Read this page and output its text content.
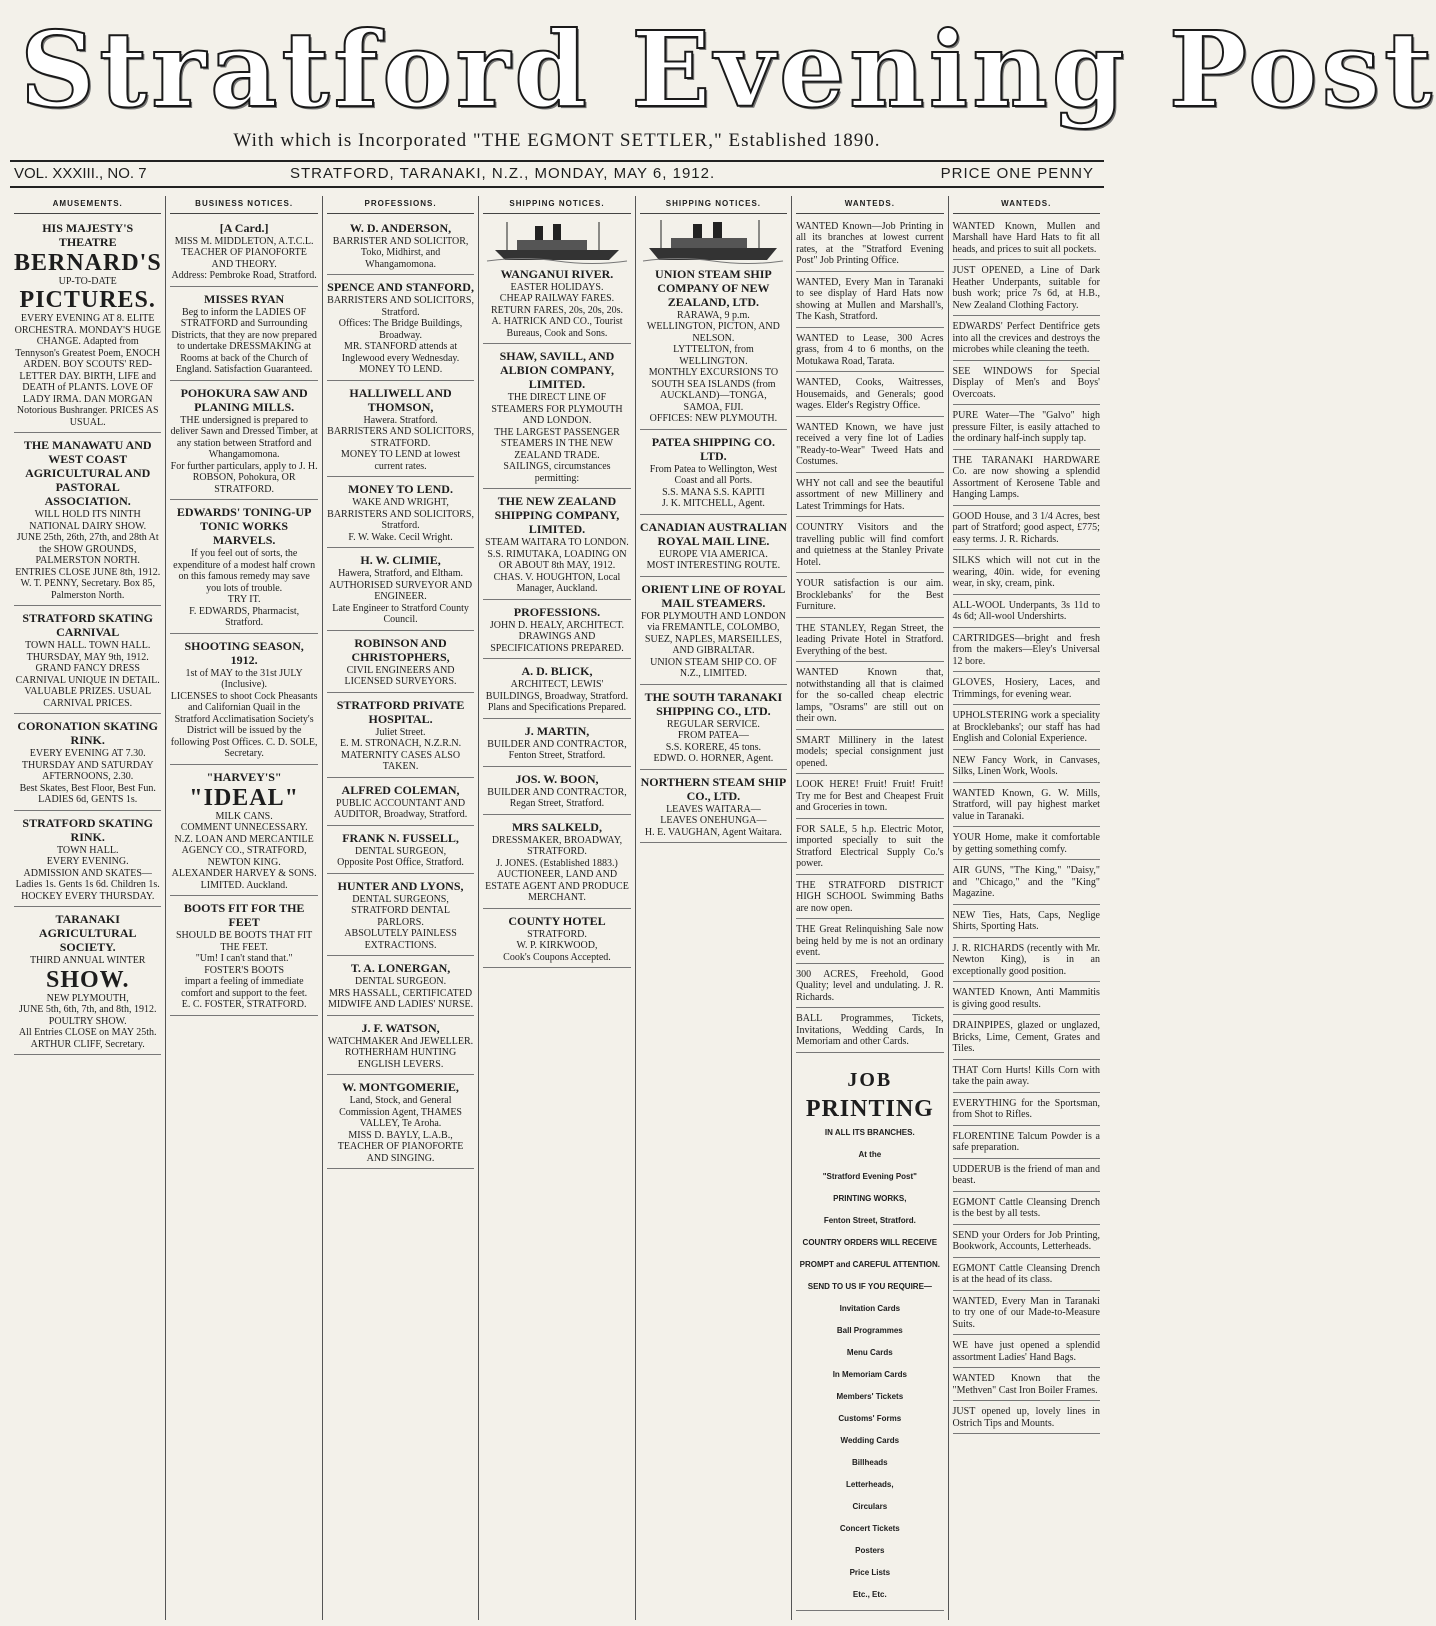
Stratford Evening Post
With which is Incorporated "THE EGMONT SETTLER," Established 1890.
VOL. XXXIII., NO. 7	STRATFORD, TARANAKI, N.Z., MONDAY, MAY 6, 1912.	PRICE ONE PENNY
AMUSEMENTS.
HIS MAJESTY'S THEATRE
BERNARD'S
UP-TO-DATE
PICTURES.
EVERY EVENING AT 8. ELITE ORCHESTRA. MONDAY'S HUGE CHANGE. Adapted from Tennyson's Greatest Poem, ENOCH ARDEN. BOY SCOUTS' RED-LETTER DAY. BIRTH, LIFE and DEATH of PLANTS. LOVE OF LADY IRMA. DAN MORGAN Notorious Bushranger. PRICES AS USUAL.
THE MANAWATU AND WEST COAST AGRICULTURAL AND PASTORAL ASSOCIATION.
WILL HOLD ITS NINTH NATIONAL DAIRY SHOW.
JUNE 25th, 26th, 27th, and 28th At the SHOW GROUNDS, PALMERSTON NORTH.
ENTRIES CLOSE JUNE 8th, 1912. W. T. PENNY, Secretary. Box 85, Palmerston North.
STRATFORD SKATING CARNIVAL
TOWN HALL. TOWN HALL.
THURSDAY, MAY 9th, 1912.
GRAND FANCY DRESS CARNIVAL UNIQUE IN DETAIL. VALUABLE PRIZES. USUAL CARNIVAL PRICES.
CORONATION SKATING RINK.
EVERY EVENING AT 7.30.
THURSDAY AND SATURDAY AFTERNOONS, 2.30.
Best Skates, Best Floor, Best Fun. LADIES 6d, GENTS 1s.
STRATFORD SKATING RINK.
TOWN HALL.
EVERY EVENING.
ADMISSION AND SKATES— Ladies 1s. Gents 1s 6d. Children 1s.
HOCKEY EVERY THURSDAY.
TARANAKI AGRICULTURAL SOCIETY.
THIRD ANNUAL WINTER
SHOW.
NEW PLYMOUTH,
JUNE 5th, 6th, 7th, and 8th, 1912.
POULTRY SHOW.
All Entries CLOSE on MAY 25th. ARTHUR CLIFF, Secretary.
BUSINESS NOTICES.
[A Card.]
MISS M. MIDDLETON, A.T.C.L.
TEACHER OF PIANOFORTE AND THEORY.
Address: Pembroke Road, Stratford.
MISSES RYAN
Beg to inform the LADIES OF STRATFORD and Surrounding Districts, that they are now prepared to undertake DRESSMAKING at Rooms at back of the Church of England. Satisfaction Guaranteed.
POHOKURA SAW AND PLANING MILLS.
THE undersigned is prepared to deliver Sawn and Dressed Timber, at any station between Stratford and Whangamomona.
For further particulars, apply to J. H. ROBSON, Pohokura, OR STRATFORD.
EDWARDS' TONING-UP TONIC WORKS MARVELS.
If you feel out of sorts, the expenditure of a modest half crown on this famous remedy may save you lots of trouble.
TRY IT.
F. EDWARDS, Pharmacist, Stratford.
SHOOTING SEASON, 1912.
1st of MAY to the 31st JULY (Inclusive).
LICENSES to shoot Cock Pheasants and Californian Quail in the Stratford Acclimatisation Society's District will be issued by the following Post Offices. C. D. SOLE, Secretary.
"HARVEY'S"
"IDEAL"
MILK CANS.
COMMENT UNNECESSARY.
N.Z. LOAN AND MERCANTILE AGENCY CO., STRATFORD, NEWTON KING.
ALEXANDER HARVEY & SONS. LIMITED. Auckland.
BOOTS FIT FOR THE FEET
SHOULD BE BOOTS THAT FIT THE FEET.
"Um! I can't stand that."
FOSTER'S BOOTS
impart a feeling of immediate comfort and support to the feet.
E. C. FOSTER, STRATFORD.
PROFESSIONS.
W. D. ANDERSON,
BARRISTER AND SOLICITOR,
Toko, Midhirst, and Whangamomona.
SPENCE AND STANFORD,
BARRISTERS AND SOLICITORS, Stratford.
Offices: The Bridge Buildings, Broadway.
MR. STANFORD attends at Inglewood every Wednesday.
MONEY TO LEND.
HALLIWELL AND THOMSON,
Hawera. Stratford.
BARRISTERS AND SOLICITORS, STRATFORD.
MONEY TO LEND at lowest current rates.
MONEY TO LEND.
WAKE AND WRIGHT,
BARRISTERS AND SOLICITORS, Stratford.
F. W. Wake. Cecil Wright.
H. W. CLIMIE,
Hawera, Stratford, and Eltham.
AUTHORISED SURVEYOR AND ENGINEER.
Late Engineer to Stratford County Council.
ROBINSON AND CHRISTOPHERS,
CIVIL ENGINEERS AND LICENSED SURVEYORS.
STRATFORD PRIVATE HOSPITAL.
Juliet Street.
E. M. STRONACH, N.Z.R.N.
MATERNITY CASES ALSO TAKEN.
ALFRED COLEMAN,
PUBLIC ACCOUNTANT AND AUDITOR, Broadway, Stratford.
FRANK N. FUSSELL,
DENTAL SURGEON,
Opposite Post Office, Stratford.
HUNTER AND LYONS,
DENTAL SURGEONS,
STRATFORD DENTAL PARLORS.
ABSOLUTELY PAINLESS EXTRACTIONS.
T. A. LONERGAN,
DENTAL SURGEON.
MRS HASSALL, CERTIFICATED MIDWIFE AND LADIES' NURSE.
J. F. WATSON,
WATCHMAKER And JEWELLER.
ROTHERHAM HUNTING ENGLISH LEVERS.
W. MONTGOMERIE,
Land, Stock, and General Commission Agent, THAMES VALLEY, Te Aroha.
MISS D. BAYLY, L.A.B., TEACHER OF PIANOFORTE AND SINGING.
SHIPPING NOTICES.
WANGANUI RIVER.
EASTER HOLIDAYS.
CHEAP RAILWAY FARES.
RETURN FARES, 20s, 20s, 20s.
A. HATRICK AND CO., Tourist Bureaus, Cook and Sons.
SHAW, SAVILL, AND ALBION COMPANY, LIMITED.
THE DIRECT LINE OF STEAMERS FOR PLYMOUTH AND LONDON.
THE LARGEST PASSENGER STEAMERS IN THE NEW ZEALAND TRADE.
SAILINGS, circumstances permitting:
THE NEW ZEALAND SHIPPING COMPANY, LIMITED.
STEAM WAITARA TO LONDON.
S.S. RIMUTAKA, LOADING ON OR ABOUT 8th MAY, 1912.
CHAS. V. HOUGHTON, Local Manager, Auckland.
PROFESSIONS.
JOHN D. HEALY, ARCHITECT.
DRAWINGS AND SPECIFICATIONS PREPARED.
A. D. BLICK,
ARCHITECT, LEWIS' BUILDINGS, Broadway, Stratford.
Plans and Specifications Prepared.
J. MARTIN,
BUILDER AND CONTRACTOR, Fenton Street, Stratford.
JOS. W. BOON,
BUILDER AND CONTRACTOR, Regan Street, Stratford.
MRS SALKELD,
DRESSMAKER, BROADWAY, STRATFORD.
J. JONES. (Established 1883.)
AUCTIONEER, LAND AND ESTATE AGENT AND PRODUCE MERCHANT.
COUNTY HOTEL
STRATFORD.
W. P. KIRKWOOD,
Cook's Coupons Accepted.
SHIPPING NOTICES.
UNION STEAM SHIP COMPANY OF NEW ZEALAND, LTD.
RARAWA, 9 p.m.
WELLINGTON, PICTON, AND NELSON.
LYTTELTON, from WELLINGTON.
MONTHLY EXCURSIONS TO SOUTH SEA ISLANDS (from AUCKLAND)—TONGA, SAMOA, FIJI.
OFFICES: NEW PLYMOUTH.
PATEA SHIPPING CO. LTD.
From Patea to Wellington, West Coast and all Ports.
S.S. MANA S.S. KAPITI
J. K. MITCHELL, Agent.
CANADIAN AUSTRALIAN ROYAL MAIL LINE.
EUROPE VIA AMERICA.
MOST INTERESTING ROUTE.
ORIENT LINE OF ROYAL MAIL STEAMERS.
FOR PLYMOUTH AND LONDON via FREMANTLE, COLOMBO, SUEZ, NAPLES, MARSEILLES, AND GIBRALTAR.
UNION STEAM SHIP CO. OF N.Z., LIMITED.
THE SOUTH TARANAKI SHIPPING CO., LTD.
REGULAR SERVICE.
FROM PATEA—
S.S. KORERE, 45 tons.
EDWD. O. HORNER, Agent.
NORTHERN STEAM SHIP CO., LTD.
LEAVES WAITARA—
LEAVES ONEHUNGA—
H. E. VAUGHAN, Agent Waitara.
WANTEDS.
WANTED Known—Job Printing in all its branches at lowest current rates, at the "Stratford Evening Post" Job Printing Office.
WANTED, Every Man in Taranaki to see display of Hard Hats now showing at Mullen and Marshall's, The Kash, Stratford.
WANTED to Lease, 300 Acres grass, from 4 to 6 months, on the Motukawa Road, Tarata.
WANTED, Cooks, Waitresses, Housemaids, and Generals; good wages. Elder's Registry Office.
WANTED Known, we have just received a very fine lot of Ladies "Ready-to-Wear" Tweed Hats and Costumes.
WHY not call and see the beautiful assortment of new Millinery and Latest Trimmings for Hats.
COUNTRY Visitors and the travelling public will find comfort and quietness at the Stanley Private Hotel.
YOUR satisfaction is our aim. Brocklebanks' for the Best Furniture.
THE STANLEY, Regan Street, the leading Private Hotel in Stratford. Everything of the best.
WANTED Known that, notwithstanding all that is claimed for the so-called cheap electric lamps, "Osrams" are still out on their own.
SMART Millinery in the latest models; special consignment just opened.
LOOK HERE! Fruit! Fruit! Fruit! Try me for Best and Cheapest Fruit and Groceries in town.
FOR SALE, 5 h.p. Electric Motor, imported specially to suit the Stratford Electrical Supply Co.'s power.
THE STRATFORD DISTRICT HIGH SCHOOL Swimming Baths are now open.
THE Great Relinquishing Sale now being held by me is not an ordinary event.
300 ACRES, Freehold, Good Quality; level and undulating. J. R. Richards.
BALL Programmes, Tickets, Invitations, Wedding Cards, In Memoriam and other Cards.
JOB
PRINTING
IN ALL ITS BRANCHES.
At the
"Stratford Evening Post"
PRINTING WORKS,
Fenton Street, Stratford.
COUNTRY ORDERS WILL RECEIVE PROMPT and CAREFUL ATTENTION.
SEND TO US IF YOU REQUIRE—
Invitation Cards
Ball Programmes
Menu Cards
In Memoriam Cards
Members' Tickets
Customs' Forms
Wedding Cards
Billheads
Letterheads,
Circulars
Concert Tickets
Posters
Price Lists
Etc., Etc.
WANTEDS.
WANTED Known, Mullen and Marshall have Hard Hats to fit all heads, and prices to suit all pockets.
JUST OPENED, a Line of Dark Heather Underpants, suitable for bush work; price 7s 6d, at H.B., New Zealand Clothing Factory.
EDWARDS' Perfect Dentifrice gets into all the crevices and destroys the microbes while cleaning the teeth.
SEE WINDOWS for Special Display of Men's and Boys' Overcoats.
PURE Water—The "Galvo" high pressure Filter, is easily attached to the ordinary half-inch supply tap.
THE TARANAKI HARDWARE Co. are now showing a splendid Assortment of Kerosene Table and Hanging Lamps.
GOOD House, and 3 1/4 Acres, best part of Stratford; good aspect, £775; easy terms. J. R. Richards.
SILKS which will not cut in the wearing, 40in. wide, for evening wear, in sky, cream, pink.
ALL-WOOL Underpants, 3s 11d to 4s 6d; All-wool Undershirts.
CARTRIDGES—bright and fresh from the makers—Eley's Universal 12 bore.
GLOVES, Hosiery, Laces, and Trimmings, for evening wear.
UPHOLSTERING work a speciality at Brocklebanks'; our staff has had English and Colonial Experience.
NEW Fancy Work, in Canvases, Silks, Linen Work, Wools.
WANTED Known, G. W. Mills, Stratford, will pay highest market value in Taranaki.
YOUR Home, make it comfortable by getting something comfy.
AIR GUNS, "The King," "Daisy," and "Chicago," and the "King" Magazine.
NEW Ties, Hats, Caps, Neglige Shirts, Sporting Hats.
J. R. RICHARDS (recently with Mr. Newton King), is in an exceptionally good position.
WANTED Known, Anti Mammitis is giving good results.
DRAINPIPES, glazed or unglazed, Bricks, Lime, Cement, Grates and Tiles.
THAT Corn Hurts! Kills Corn with take the pain away.
EVERYTHING for the Sportsman, from Shot to Rifles.
FLORENTINE Talcum Powder is a safe preparation.
UDDERUB is the friend of man and beast.
EGMONT Cattle Cleansing Drench is the best by all tests.
SEND your Orders for Job Printing, Bookwork, Accounts, Letterheads.
EGMONT Cattle Cleansing Drench is at the head of its class.
WANTED, Every Man in Taranaki to try one of our Made-to-Measure Suits.
WE have just opened a splendid assortment Ladies' Hand Bags.
WANTED Known that the "Methven" Cast Iron Boiler Frames.
JUST opened up, lovely lines in Ostrich Tips and Mounts.
